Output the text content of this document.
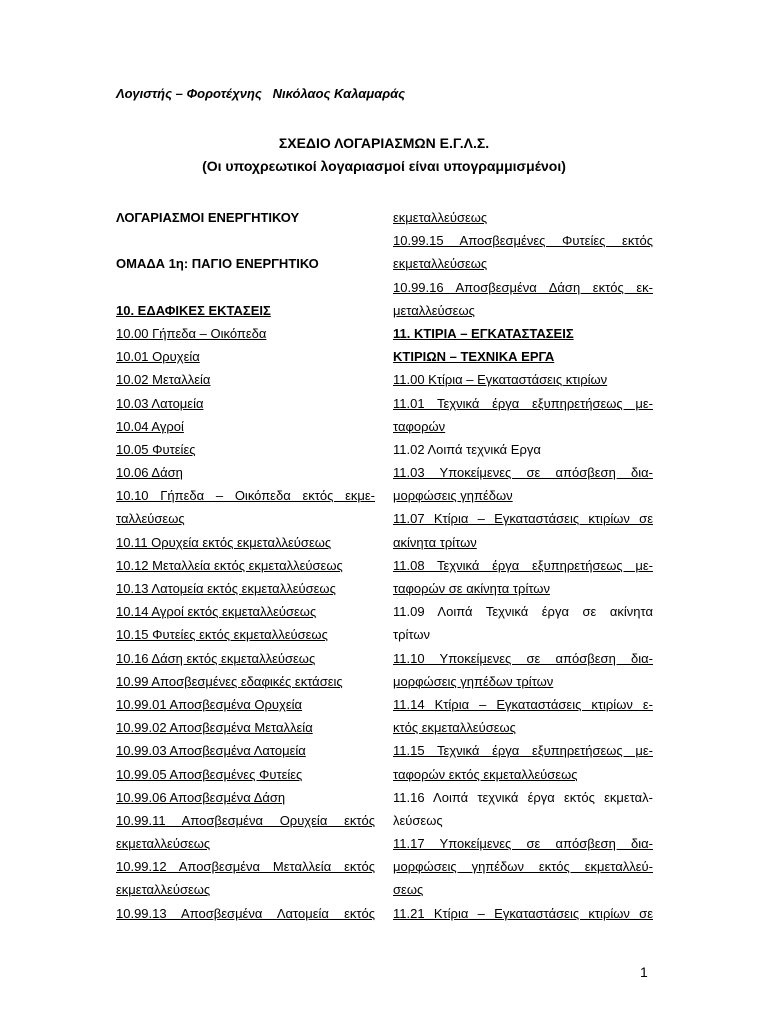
Λογιστής – Φοροτέχνης   Νικόλαος Καλαμαράς
ΣΧΕΔΙΟ ΛΟΓΑΡΙΑΣΜΩΝ Ε.Γ.Λ.Σ.
(Οι υποχρεωτικοί λογαριασμοί είναι υπογραμμισμένοι)
ΛΟΓΑΡΙΑΣΜΟΙ ΕΝΕΡΓΗΤΙΚΟΥ
ΟΜΑΔΑ 1η: ΠΑΓΙΟ ΕΝΕΡΓΗΤΙΚΟ
10. ΕΔΑΦΙΚΕΣ ΕΚΤΑΣΕΙΣ
10.00 Γήπεδα – Οικόπεδα
10.01 Ορυχεία
10.02 Μεταλλεία
10.03 Λατομεία
10.04 Αγροί
10.05 Φυτείες
10.06 Δάση
10.10 Γήπεδα – Οικόπεδα εκτός εκμε-
ταλλεύσεως
10.11 Ορυχεία εκτός εκμεταλλεύσεως
10.12 Μεταλλεία εκτός εκμεταλλεύσεως
10.13 Λατομεία εκτός εκμεταλλεύσεως
10.14 Αγροί εκτός εκμεταλλεύσεως
10.15 Φυτείες εκτός εκμεταλλεύσεως
10.16 Δάση εκτός εκμεταλλεύσεως
10.99 Αποσβεσμένες εδαφικές εκτάσεις
10.99.01 Αποσβεσμένα Ορυχεία
10.99.02 Αποσβεσμένα Μεταλλεία
10.99.03 Αποσβεσμένα Λατομεία
10.99.05 Αποσβεσμένες Φυτείες
10.99.06 Αποσβεσμένα Δάση
10.99.11 Αποσβεσμένα Ορυχεία εκτός
εκμεταλλεύσεως
10.99.12 Αποσβεσμένα Μεταλλεία εκτός
εκμεταλλεύσεως
10.99.13 Αποσβεσμένα Λατομεία εκτός
εκμεταλλεύσεως
10.99.15 Αποσβεσμένες Φυτείες εκτός
εκμεταλλεύσεως
10.99.16 Αποσβεσμένα Δάση εκτός εκ-
μεταλλεύσεως
11. ΚΤΙΡΙΑ – ΕΓΚΑΤΑΣΤΑΣΕΙΣ
ΚΤΙΡΙΩΝ – ΤΕΧΝΙΚΑ ΕΡΓΑ
11.00 Κτίρια – Εγκαταστάσεις κτιρίων
11.01 Τεχνικά έργα εξυπηρετήσεως με-
ταφορών
11.02 Λοιπά τεχνικά Εργα
11.03 Υποκείμενες σε απόσβεση δια-
μορφώσεις γηπέδων
11.07 Κτίρια – Εγκαταστάσεις κτιρίων σε
ακίνητα τρίτων
11.08 Τεχνικά έργα εξυπηρετήσεως με-
ταφορών σε ακίνητα τρίτων
11.09 Λοιπά Τεχνικά έργα σε ακίνητα
τρίτων
11.10 Υποκείμενες σε απόσβεση δια-
μορφώσεις γηπέδων τρίτων
11.14 Κτίρια – Εγκαταστάσεις κτιρίων ε-
κτός εκμεταλλεύσεως
11.15 Τεχνικά έργα εξυπηρετήσεως με-
ταφορών εκτός εκμεταλλεύσεως
11.16 Λοιπά τεχνικά έργα εκτός εκμεταλ-
λεύσεως
11.17 Υποκείμενες σε απόσβεση δια-
μορφώσεις γηπέδων εκτός εκμεταλλεύ-
σεως
11.21 Κτίρια – Εγκαταστάσεις κτιρίων σε
1
